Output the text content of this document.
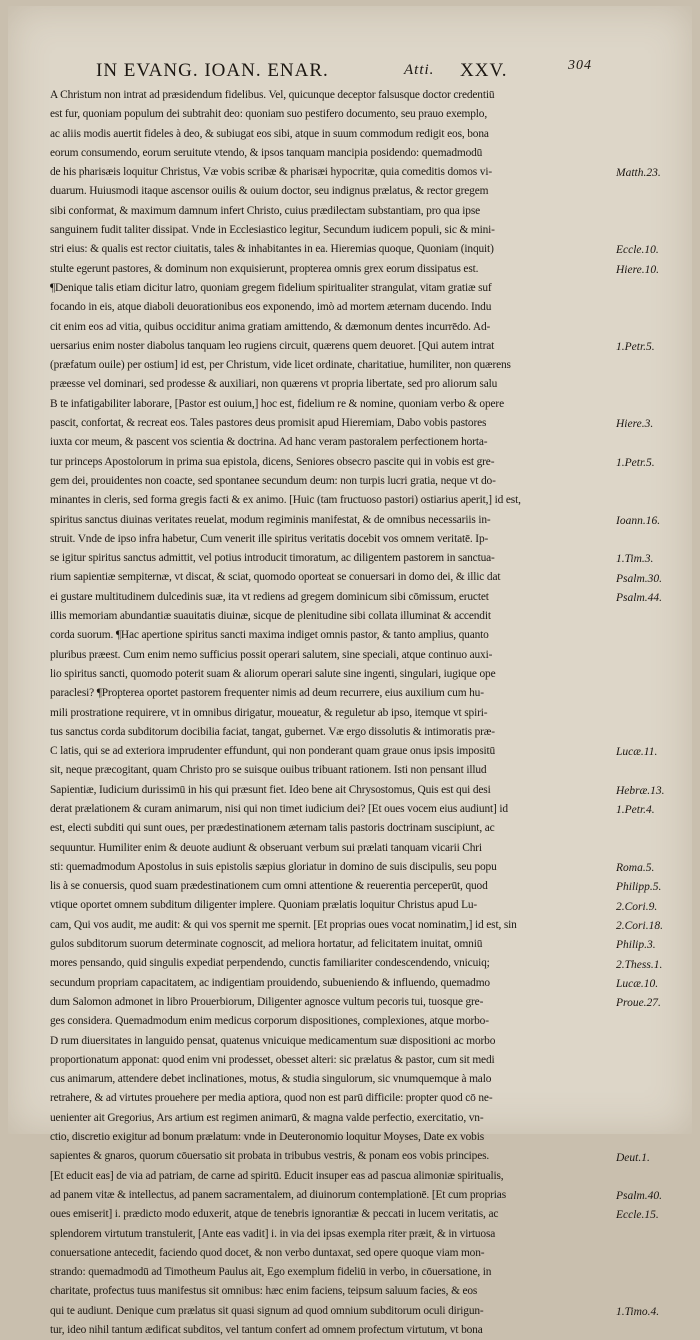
IN EVANG. IOAN. ENAR.	Atti. XXV.	304
A Christum non intrat ad præsidendum fidelibus. Vel, quicunque deceptor falsusque doctor credentiū
est fur, quoniam populum dei subtrahit deo: quoniam suo pestifero documento, seu prauo exemplo,
ac aliis modis auertit fideles à deo, & subiugat eos sibi, atque in suum commodum redigit eos, bona
eorum consumendo, eorum seruitute vtendo, & ipsos tanquam mancipia posidendo: quemadmodū
de his pharisæis loquitur Christus, Væ vobis scribæ & pharisæi hypocritæ, quia comeditis domos vi-
duarum. Huiusmodi itaque ascensor ouilis & ouium doctor, seu indignus prælatus, & rector gregem
sibi conformat, & maximum damnum infert Christo, cuius prædilectam substantiam, pro qua ipse
sanguinem fudit taliter dissipat. Vnde in Ecclesiastico legitur, Secundum iudicem populi, sic & mini-
stri eius: & qualis est rector ciuitatis, tales & inhabitantes in ea. Hieremias quoque, Quoniam (inquit)
stulte egerunt pastores, & dominum non exquisierunt, propterea omnis grex eorum dissipatus est.
¶Denique talis etiam dicitur latro, quoniam gregem fidelium spiritualiter strangulat, vitam gratiæ suf
focando in eis, atque diaboli deuorationibus eos exponendo, imò ad mortem æternam ducendo. Indu
cit enim eos ad vitia, quibus occiditur anima gratiam amittendo, & dæmonum dentes incurrēdo. Ad-
uersarius enim noster diabolus tanquam leo rugiens circuit, quærens quem deuoret. [Qui autem intrat
(præfatum ouile) per ostium] id est, per Christum, vide licet ordinate, charitatiue, humiliter, non quærens
præesse vel dominari, sed prodesse & auxiliari, non quærens vt propria libertate, sed pro aliorum salu
B te infatigabiliter laborare, [Pastor est ouium,] hoc est, fidelium re & nomine, quoniam verbo & opere
pascit, confortat, & recreat eos. Tales pastores deus promisit apud Hieremiam, Dabo vobis pastores
iuxta cor meum, & pascent vos scientia & doctrina. Ad hanc veram pastoralem perfectionem horta-
tur princeps Apostolorum in prima sua epistola, dicens, Seniores obsecro pascite qui in vobis est gre-
gem dei, prouidentes non coacte, sed spontanee secundum deum: non turpis lucri gratia, neque vt do-
minantes in cleris, sed forma gregis facti & ex animo. [Huic (tam fructuoso pastori) ostiarius aperit,] id est,
spiritus sanctus diuinas veritates reuelat, modum regiminis manifestat, & de omnibus necessariis in-
struit. Vnde de ipso infra habetur, Cum venerit ille spiritus veritatis docebit vos omnem veritatē. Ip-
se igitur spiritus sanctus admittit, vel potius introducit timoratum, ac diligentem pastorem in sanctua-
rium sapientiæ sempiternæ, vt discat, & sciat, quomodo oporteat se conuersari in domo dei, & illic dat
ei gustare multitudinem dulcedinis suæ, ita vt rediens ad gregem dominicum sibi cōmissum, eructet
illis memoriam abundantiæ suauitatis diuinæ, sicque de plenitudine sibi collata illuminat & accendit
corda suorum. ¶Hac apertione spiritus sancti maxima indiget omnis pastor, & tanto amplius, quanto
pluribus præest. Cum enim nemo sufficius possit operari salutem, sine speciali, atque continuo auxi-
lio spiritus sancti, quomodo poterit suam & aliorum operari salute sine ingenti, singulari, iugique ope
paraclesi? ¶Propterea oportet pastorem frequenter nimis ad deum recurrere, eius auxilium cum hu-
mili prostratione requirere, vt in omnibus dirigatur, moueatur, & reguletur ab ipso, itemque vt spiri-
tus sanctus corda subditorum docibilia faciat, tangat, gubernet. Væ ergo dissolutis & intimoratis præ-
C latis, qui se ad exteriora imprudenter effundunt, qui non ponderant quam graue onus ipsis impositū
sit, neque præcogitant, quam Christo pro se suisque ouibus tribuant rationem. Isti non pensant illud
Sapientiæ, Iudicium durissimū in his qui præsunt fiet. Ideo bene ait Chrysostomus, Quis est qui desi
derat prælationem & curam animarum, nisi qui non timet iudicium dei? [Et oues vocem eius audiunt] id
est, electi subditi qui sunt oues, per prædestinationem æternam talis pastoris doctrinam suscipiunt, ac
sequuntur. Humiliter enim & deuote audiunt & obseruant verbum sui prælati tanquam vicarii Chri
sti: quemadmodum Apostolus in suis epistolis sæpius gloriatur in domino de suis discipulis, seu popu
lis à se conuersis, quod suam prædestinationem cum omni attentione & reuerentia perceperūt, quod
vtique oportet omnem subditum diligenter implere. Quoniam prælatis loquitur Christus apud Lu-
cam, Qui vos audit, me audit: & qui vos spernit me spernit. [Et proprias oues vocat nominatim,] id est, sin
gulos subditorum suorum determinate cognoscit, ad meliora hortatur, ad felicitatem inuitat, omniū
mores pensando, quid singulis expediat perpendendo, cunctis familiariter condescendendo, vnicuiq;
secundum propriam capacitatem, ac indigentiam prouidendo, subueniendo & influendo, quemadmo
dum Salomon admonet in libro Prouerbiorum, Diligenter agnosce vultum pecoris tui, tuosque gre-
ges considera. Quemadmodum enim medicus corporum dispositiones, complexiones, atque morbo-
D rum diuersitates in languido pensat, quatenus vnicuique medicamentum suæ dispositioni ac morbo
proportionatum apponat: quod enim vni prodesset, obesset alteri: sic prælatus & pastor, cum sit medi
cus animarum, attendere debet inclinationes, motus, & studia singulorum, sic vnumquemque à malo
retrahere, & ad virtutes prouehere per media aptiora, quod non est parū difficile: propter quod cō ne-
uenienter ait Gregorius, Ars artium est regimen animarū, & magna valde perfectio, exercitatio, vn-
ctio, discretio exigitur ad bonum prælatum: vnde in Deuteronomio loquitur Moyses, Date ex vobis
sapientes & gnaros, quorum cōuersatio sit probata in tribubus vestris, & ponam eos vobis principes.
[Et educit eas] de via ad patriam, de carne ad spiritū. Educit insuper eas ad pascua alimoniæ spiritualis,
ad panem vitæ & intellectus, ad panem sacramentalem, ad diuinorum contemplationē. [Et cum proprias
oues emiserit] i. prædicto modo eduxerit, atque de tenebris ignorantiæ & peccati in lucem veritatis, ac
splendorem virtutum transtulerit, [Ante eas vadit] i. in via dei ipsas exempla riter præit, & in virtuosa
conuersatione antecedit, faciendo quod docet, & non verbo duntaxat, sed opere quoque viam mon-
strando: quemadmodū ad Timotheum Paulus ait, Ego exemplum fideliū in verbo, in cōuersatione, in
charitate, profectus tuus manifestus sit omnibus: hæc enim faciens, teipsum saluum facies, & eos
qui te audiunt. Denique cum prælatus sit quasi signum ad quod omnium subditorum oculi dirigun-
tur, ideo nihil tantum ædificat subditos, vel tantum confert ad omnem profectum virtutum, vt bona
Matth.23.
Eccle.10.
Hiere.10.
1.Petr.5.
Hiere.3.
1.Petr.5.
Ioann.16.
1.Tim.3.
Psalm.30.
Psalm.44.
Lucæ.11.
Hebræ.13.
1.Petr.4.
Roma.5.
Philipp.5.
2.Cori.9.
2.Cori.18.
Philip.3.
2.Thess.1.
Lucæ.10.
Proue.27.
Deut.1.
Psalm.40.
Eccle.15.
1.Timo.4.
